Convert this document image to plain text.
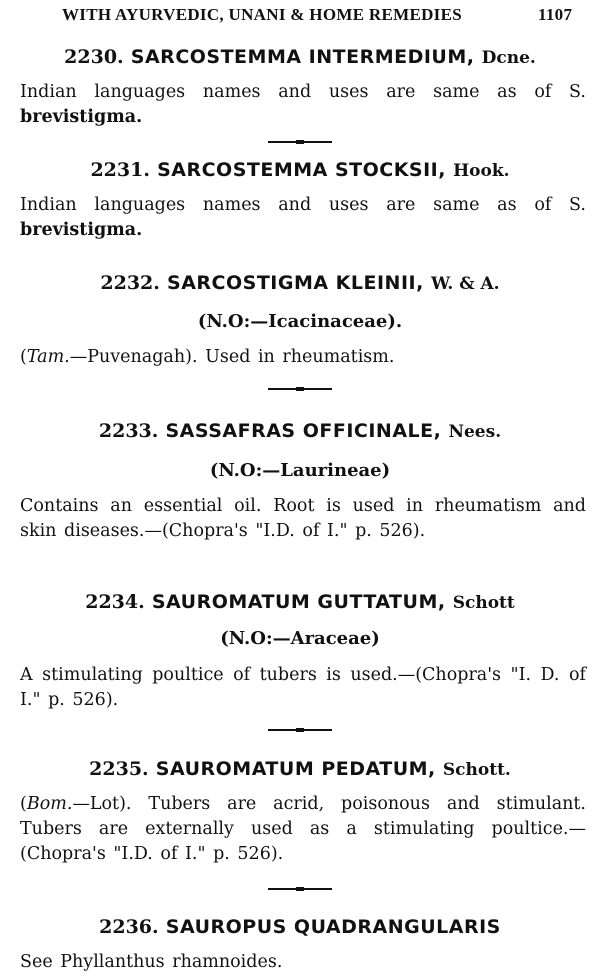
WITH AYURVEDIC, UNANI & HOME REMEDIES	1107
2230. SARCOSTEMMA INTERMEDIUM, Dcne.
Indian languages names and uses are same as of S. brevistigma.
2231. SARCOSTEMMA STOCKSII, Hook.
Indian languages names and uses are same as of S. brevistigma.
2232. SARCOSTIGMA KLEINII, W. & A.
(N.O:—Icacinaceae).
(Tam.—Puvenagah). Used in rheumatism.
2233. SASSAFRAS OFFICINALE, Nees.
(N.O:—Laurineae)
Contains an essential oil. Root is used in rheumatism and skin diseases.—(Chopra's "I.D. of I." p. 526).
2234. SAUROMATUM GUTTATUM, Schott
(N.O:—Araceae)
A stimulating poultice of tubers is used.—(Chopra's "I. D. of I." p. 526).
2235. SAUROMATUM PEDATUM, Schott.
(Bom.—Lot). Tubers are acrid, poisonous and stimulant. Tubers are externally used as a stimulating poultice.—(Chopra's "I.D. of I." p. 526).
2236. SAUROPUS QUADRANGULARIS
See Phyllanthus rhamnoides.
